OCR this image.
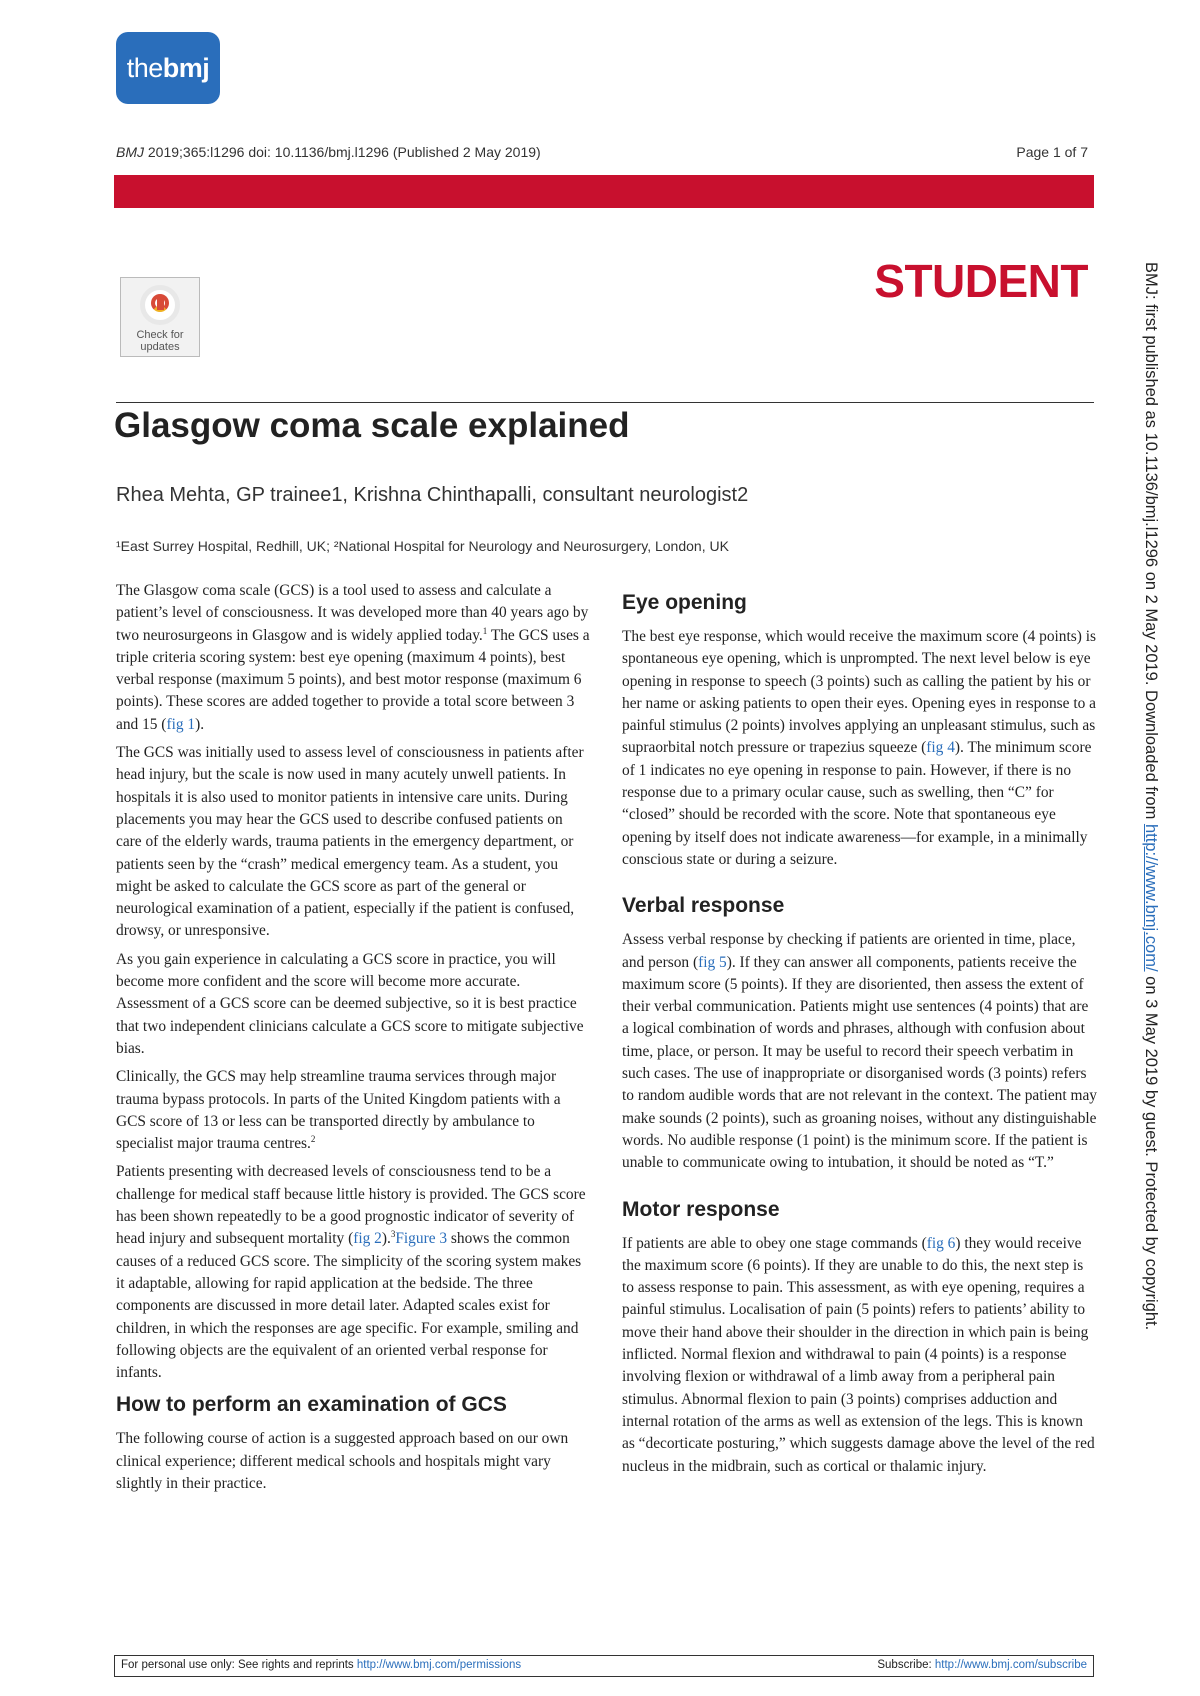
the bmj
BMJ 2019;365:l1296 doi: 10.1136/bmj.l1296 (Published 2 May 2019)	Page 1 of 7
STUDENT
Check for
updates
Glasgow coma scale explained
Rhea Mehta, GP trainee1, Krishna Chinthapalli, consultant neurologist2
¹East Surrey Hospital, Redhill, UK; ²National Hospital for Neurology and Neurosurgery, London, UK

The Glasgow coma scale (GCS) is a tool used to assess and calculate a patient’s level of consciousness. It was developed more than 40 years ago by two neurosurgeons in Glasgow and is widely applied today.$^1$ The GCS uses a triple criteria scoring system: best eye opening (maximum 4 points), best verbal response (maximum 5 points), and best motor response (maximum 6 points). These scores are added together to provide a total score between 3 and 15 (fig 1).

The GCS was initially used to assess level of consciousness in patients after head injury, but the scale is now used in many acutely unwell patients. In hospitals it is also used to monitor patients in intensive care units. During placements you may hear the GCS used to describe confused patients on care of the elderly wards, trauma patients in the emergency department, or patients seen by the “crash” medical emergency team. As a student, you might be asked to calculate the GCS score as part of the general or neurological examination of a patient, especially if the patient is confused, drowsy, or unresponsive.

As you gain experience in calculating a GCS score in practice, you will become more confident and the score will become more accurate. Assessment of a GCS score can be deemed subjective, so it is best practice that two independent clinicians calculate a GCS score to mitigate subjective bias.

Clinically, the GCS may help streamline trauma services through major trauma bypass protocols. In parts of the United Kingdom patients with a GCS score of 13 or less can be transported directly by ambulance to specialist major trauma centres.$^2$

Patients presenting with decreased levels of consciousness tend to be a challenge for medical staff because little history is provided. The GCS score has been shown repeatedly to be a good prognostic indicator of severity of head injury and subsequent mortality (fig 2).$^3$Figure 3 shows the common causes of a reduced GCS score. The simplicity of the scoring system makes it adaptable, allowing for rapid application at the bedside. The three components are discussed in more detail later. Adapted scales exist for children, in which the responses are age specific. For example, smiling and following objects are the equivalent of an oriented verbal response for infants.

How to perform an examination of GCS

The following course of action is a suggested approach based on our own clinical experience; different medical schools and hospitals might vary slightly in their practice.

Eye opening

The best eye response, which would receive the maximum score (4 points) is spontaneous eye opening, which is unprompted. The next level below is eye opening in response to speech (3 points) such as calling the patient by his or her name or asking patients to open their eyes. Opening eyes in response to a painful stimulus (2 points) involves applying an unpleasant stimulus, such as supraorbital notch pressure or trapezius squeeze (fig 4). The minimum score of 1 indicates no eye opening in response to pain. However, if there is no response due to a primary ocular cause, such as swelling, then “C” for “closed” should be recorded with the score. Note that spontaneous eye opening by itself does not indicate awareness—for example, in a minimally conscious state or during a seizure.

Verbal response

Assess verbal response by checking if patients are oriented in time, place, and person (fig 5). If they can answer all components, patients receive the maximum score (5 points). If they are disoriented, then assess the extent of their verbal communication. Patients might use sentences (4 points) that are a logical combination of words and phrases, although with confusion about time, place, or person. It may be useful to record their speech verbatim in such cases. The use of inappropriate or disorganised words (3 points) refers to random audible words that are not relevant in the context. The patient may make sounds (2 points), such as groaning noises, without any distinguishable words. No audible response (1 point) is the minimum score. If the patient is unable to communicate owing to intubation, it should be noted as “T.”

Motor response

If patients are able to obey one stage commands (fig 6) they would receive the maximum score (6 points). If they are unable to do this, the next step is to assess response to pain. This assessment, as with eye opening, requires a painful stimulus. Localisation of pain (5 points) refers to patients’ ability to move their hand above their shoulder in the direction in which pain is being inflicted. Normal flexion and withdrawal to pain (4 points) is a response involving flexion or withdrawal of a limb away from a peripheral pain stimulus. Abnormal flexion to pain (3 points) comprises adduction and internal rotation of the arms as well as extension of the legs. This is known as “decorticate posturing,” which suggests damage above the level of the red nucleus in the midbrain, such as cortical or thalamic injury.

BMJ: first published as 10.1136/bmj.l1296 on 2 May 2019. Downloaded from http://www.bmj.com/ on 3 May 2019 by guest. Protected by copyright.
For personal use only: See rights and reprints http://www.bmj.com/permissions	Subscribe: http://www.bmj.com/subscribe
